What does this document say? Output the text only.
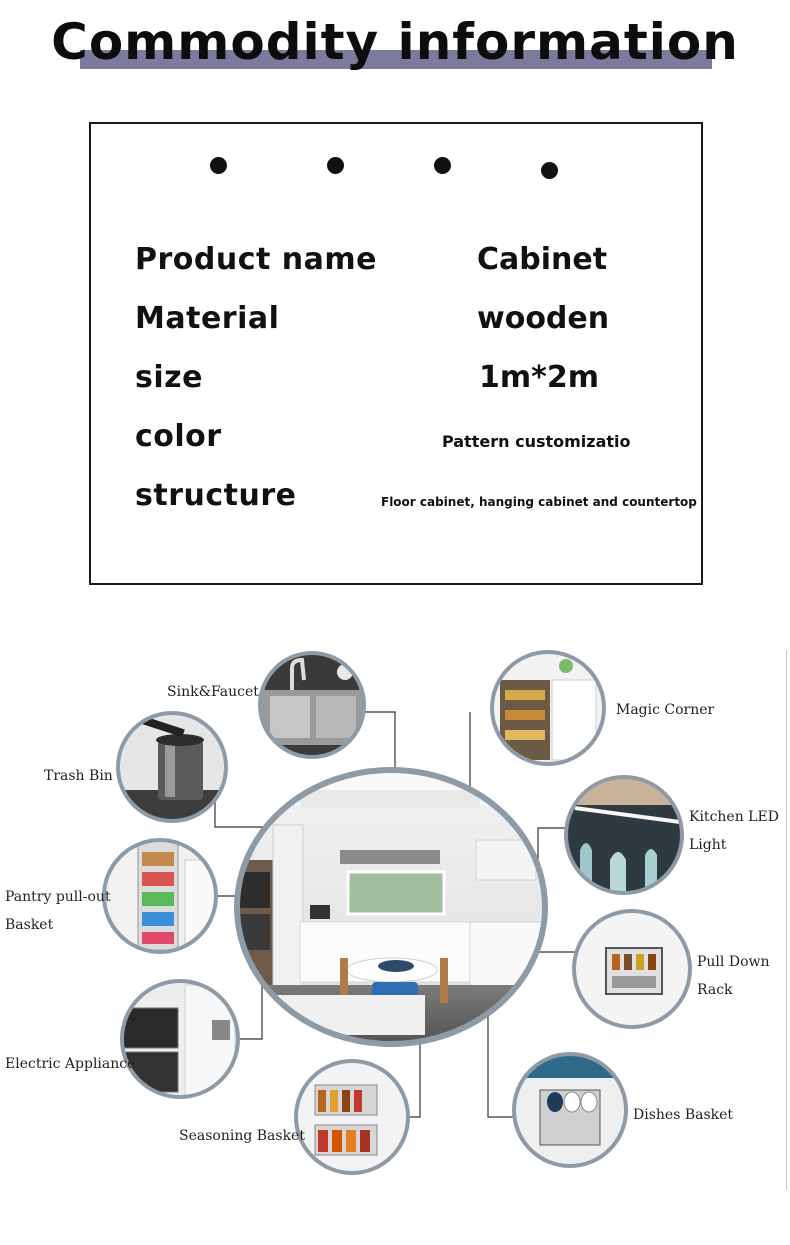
Commodity information
Product name	Cabinet
Material	wooden
size	1m*2m
color	Pattern customizatio
structure	Floor cabinet, hanging cabinet and countertop
Sink&Faucet
Trash Bin
Pantry pull-out
Basket
Electric Appliance
Seasoning Basket
Magic Corner
Kitchen LED
Light
Pull Down
Rack
Dishes Basket
